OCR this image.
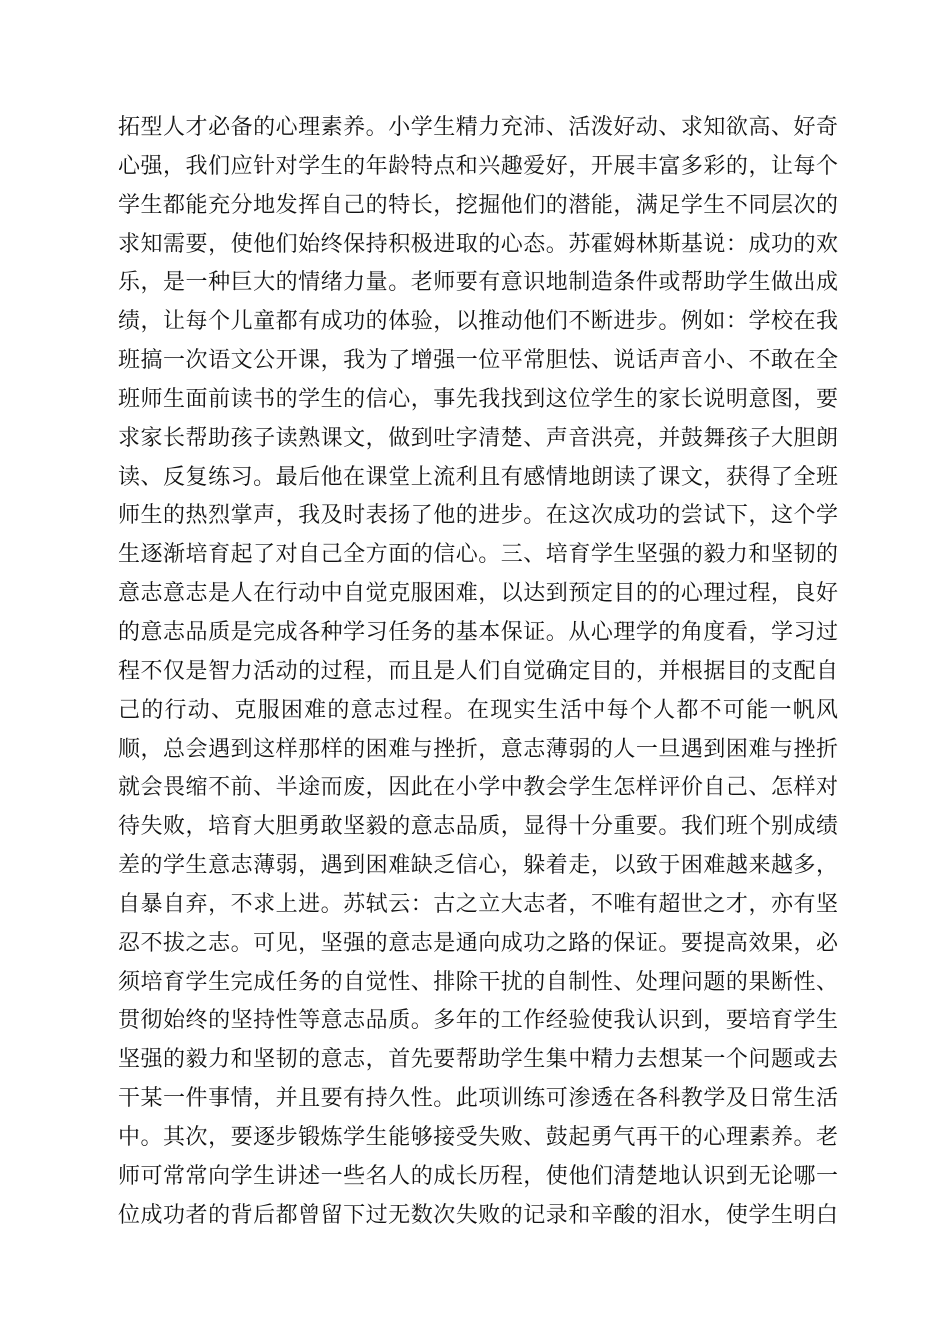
拓型人才必备的心理素养。小学生精力充沛、活泼好动、求知欲高、好奇
心强，我们应针对学生的年龄特点和兴趣爱好，开展丰富多彩的，让每个
学生都能充分地发挥自己的特长，挖掘他们的潜能，满足学生不同层次的
求知需要，使他们始终保持积极进取的心态。苏霍姆林斯基说：成功的欢
乐，是一种巨大的情绪力量。老师要有意识地制造条件或帮助学生做出成
绩，让每个儿童都有成功的体验，以推动他们不断进步。例如：学校在我
班搞一次语文公开课，我为了增强一位平常胆怯、说话声音小、不敢在全
班师生面前读书的学生的信心，事先我找到这位学生的家长说明意图，要
求家长帮助孩子读熟课文，做到吐字清楚、声音洪亮，并鼓舞孩子大胆朗
读、反复练习。最后他在课堂上流利且有感情地朗读了课文，获得了全班
师生的热烈掌声，我及时表扬了他的进步。在这次成功的尝试下，这个学
生逐渐培育起了对自己全方面的信心。三、培育学生坚强的毅力和坚韧的
意志意志是人在行动中自觉克服困难，以达到预定目的的心理过程，良好
的意志品质是完成各种学习任务的基本保证。从心理学的角度看，学习过
程不仅是智力活动的过程，而且是人们自觉确定目的，并根据目的支配自
己的行动、克服困难的意志过程。在现实生活中每个人都不可能一帆风
顺，总会遇到这样那样的困难与挫折，意志薄弱的人一旦遇到困难与挫折
就会畏缩不前、半途而废，因此在小学中教会学生怎样评价自己、怎样对
待失败，培育大胆勇敢坚毅的意志品质，显得十分重要。我们班个别成绩
差的学生意志薄弱，遇到困难缺乏信心，躲着走，以致于困难越来越多，
自暴自弃，不求上进。苏轼云：古之立大志者，不唯有超世之才，亦有坚
忍不拔之志。可见，坚强的意志是通向成功之路的保证。要提高效果，必
须培育学生完成任务的自觉性、排除干扰的自制性、处理问题的果断性、
贯彻始终的坚持性等意志品质。多年的工作经验使我认识到，要培育学生
坚强的毅力和坚韧的意志，首先要帮助学生集中精力去想某一个问题或去
干某一件事情，并且要有持久性。此项训练可渗透在各科教学及日常生活
中。其次，要逐步锻炼学生能够接受失败、鼓起勇气再干的心理素养。老
师可常常向学生讲述一些名人的成长历程，使他们清楚地认识到无论哪一
位成功者的背后都曾留下过无数次失败的记录和辛酸的泪水，使学生明白
